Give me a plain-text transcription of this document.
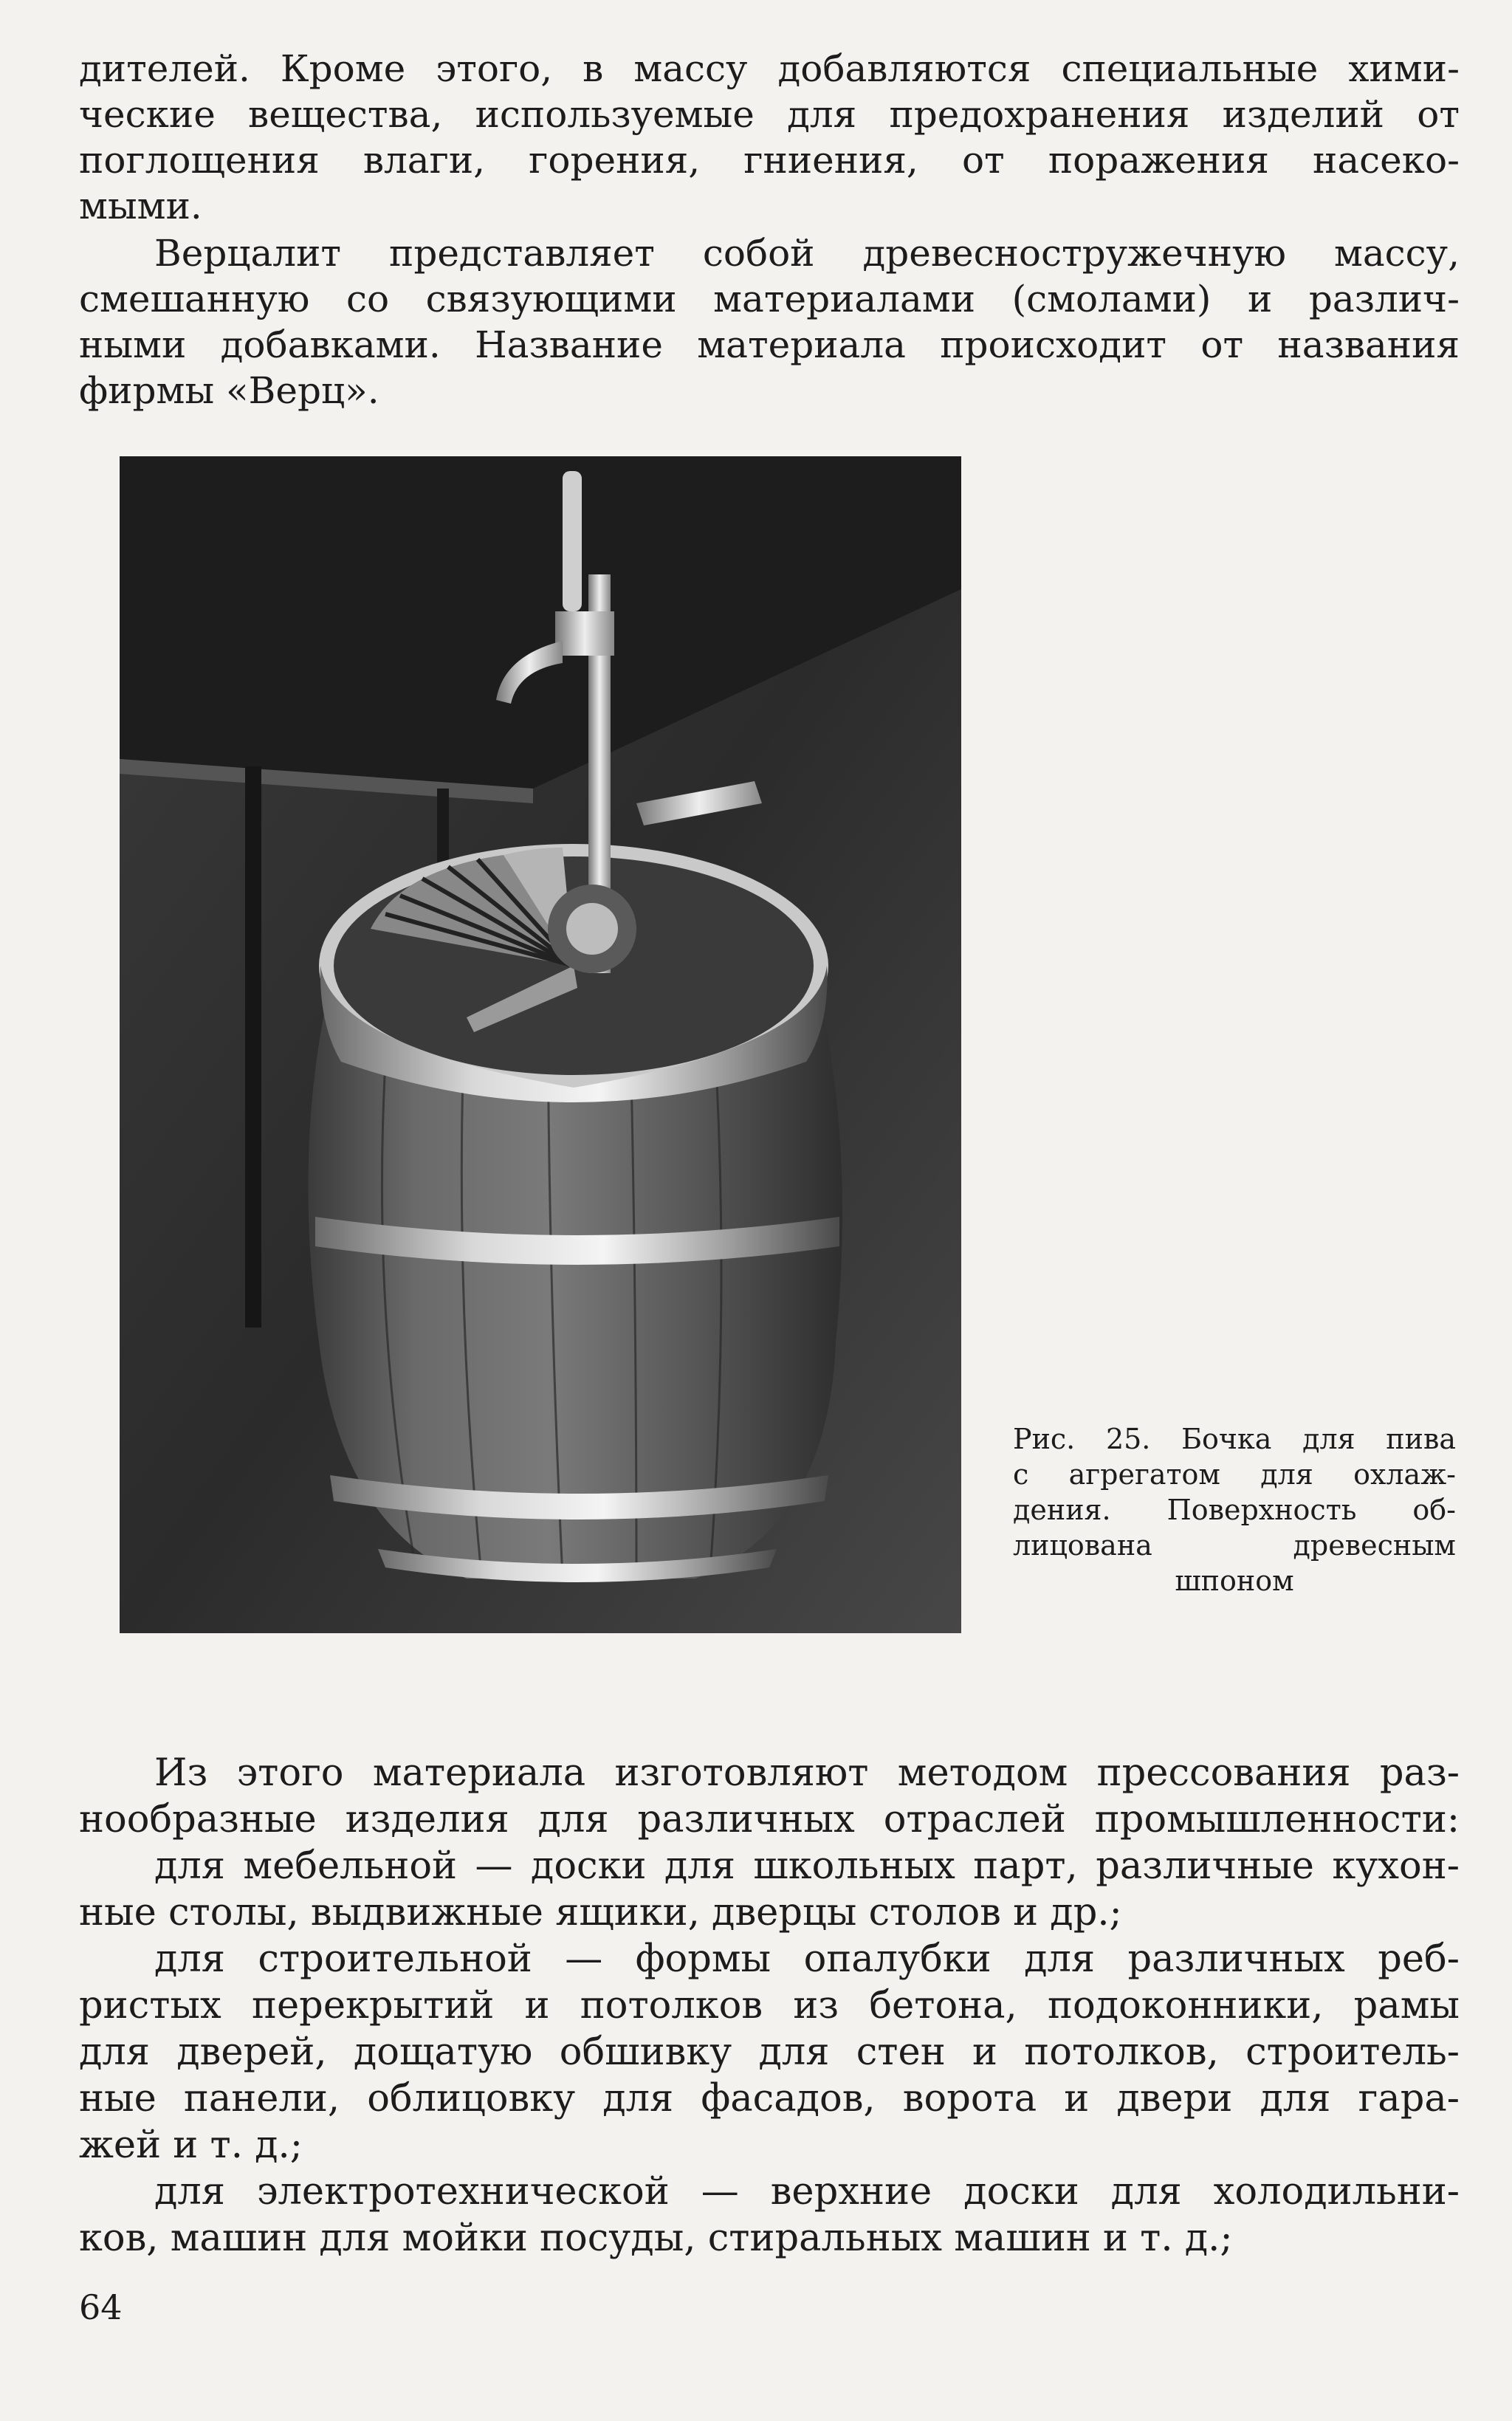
дителей. Кроме этого, в массу добавляются специальные хими-
ческие вещества, используемые для предохранения изделий от
поглощения влаги, горения, гниения, от поражения насеко-
мыми.
Верцалит представляет собой древесностружечную массу,
смешанную со связующими материалами (смолами) и различ-
ными добавками. Название материала происходит от названия
фирмы «Верц».
Рис. 25. Бочка для пива
с агрегатом для охлаж-
дения. Поверхность об-
лицована древесным
шпоном
Из этого материала изготовляют методом прессования раз-
нообразные изделия для различных отраслей промышленности:
для мебельной — доски для школьных парт, различные кухон-
ные столы, выдвижные ящики, дверцы столов и др.;
для строительной — формы опалубки для различных реб-
ристых перекрытий и потолков из бетона, подоконники, рамы
для дверей, дощатую обшивку для стен и потолков, строитель-
ные панели, облицовку для фасадов, ворота и двери для гара-
жей и т. д.;
для электротехнической — верхние доски для холодильни-
ков, машин для мойки посуды, стиральных машин и т. д.;
64
